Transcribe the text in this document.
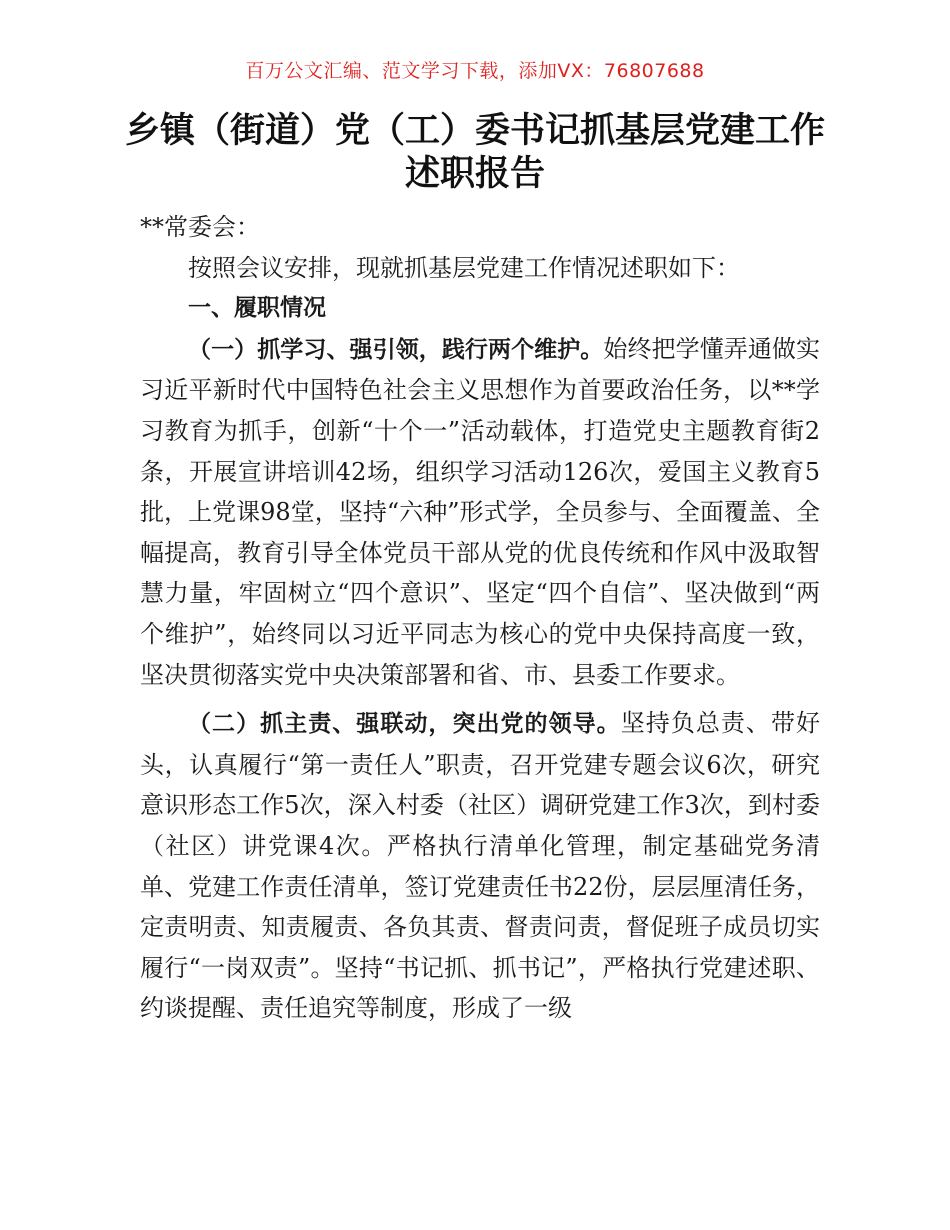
百万公文汇编、范文学习下载，添加VX：76807688
乡镇（街道）党（工）委书记抓基层党建工作述职报告

**常委会：

按照会议安排，现就抓基层党建工作情况述职如下：

一、履职情况

（一）抓学习、强引领，践行两个维护。始终把学懂弄通做实习近平新时代中国特色社会主义思想作为首要政治任务，以**学习教育为抓手，创新“十个一”活动载体，打造党史主题教育街2条，开展宣讲培训42场，组织学习活动126次，爱国主义教育5批，上党课98堂，坚持“六种”形式学，全员参与、全面覆盖、全幅提高，教育引导全体党员干部从党的优良传统和作风中汲取智慧力量，牢固树立“四个意识”、坚定“四个自信”、坚决做到“两个维护”，始终同以习近平同志为核心的党中央保持高度一致，坚决贯彻落实党中央决策部署和省、市、县委工作要求。

（二）抓主责、强联动，突出党的领导。坚持负总责、带好头，认真履行“第一责任人”职责，召开党建专题会议6次，研究意识形态工作5次，深入村委（社区）调研党建工作3次，到村委（社区）讲党课4次。严格执行清单化管理，制定基础党务清单、党建工作责任清单，签订党建责任书22份，层层厘清任务，定责明责、知责履责、各负其责、督责问责，督促班子成员切实履行“一岗双责”。坚持“书记抓、抓书记”，严格执行党建述职、约谈提醒、责任追究等制度，形成了一级
